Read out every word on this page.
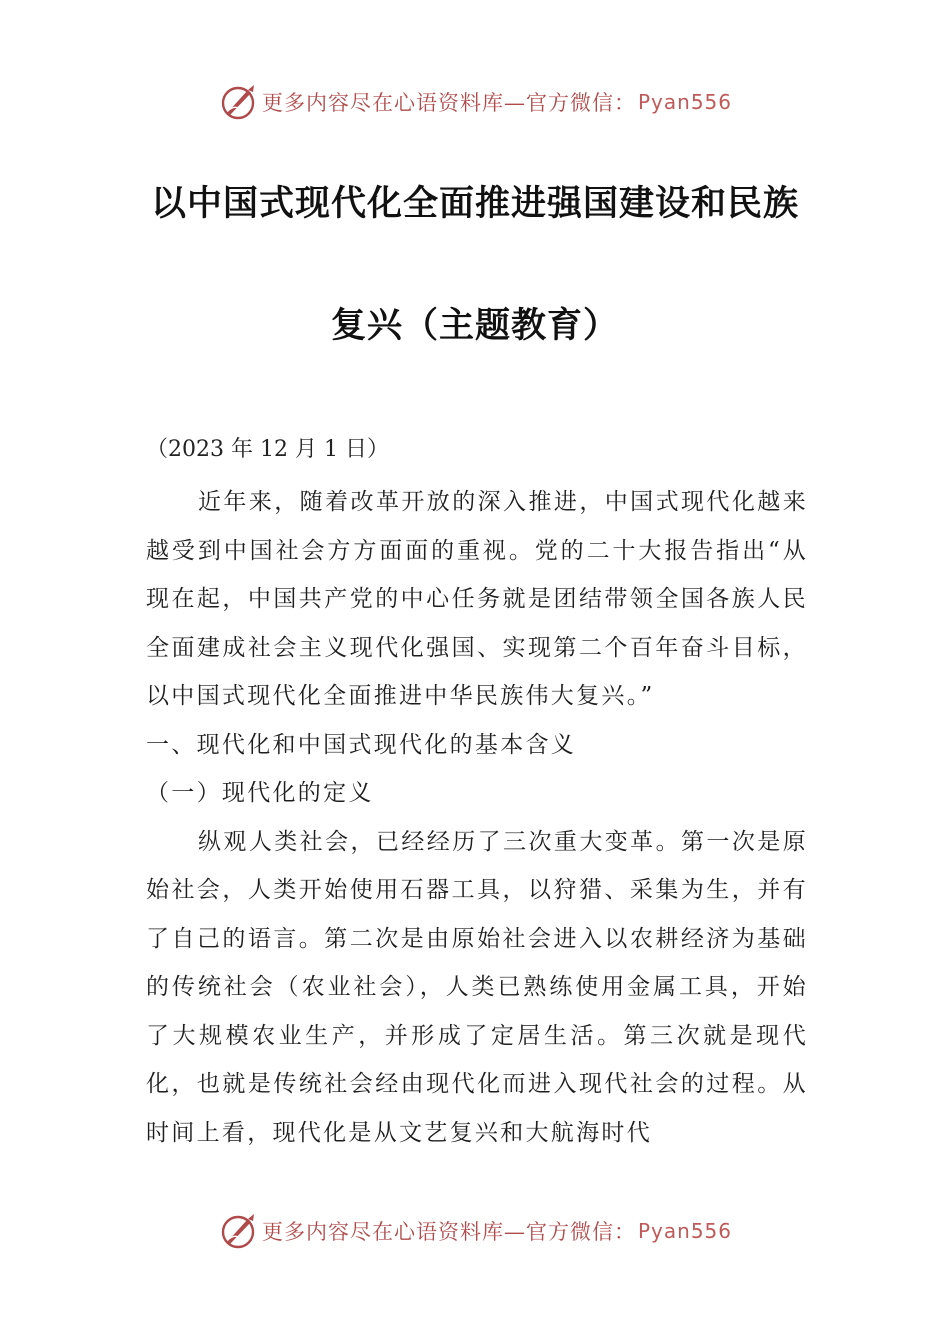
更多内容尽在心语资料库—官方微信： Pyan556
以中国式现代化全面推进强国建设和民族
复兴（主题教育）
（2023 年 12 月 1 日）

近年来，随着改革开放的深入推进，中国式现代化越来越受到中国社会方方面面的重视。党的二十大报告指出“从现在起，中国共产党的中心任务就是团结带领全国各族人民全面建成社会主义现代化强国、实现第二个百年奋斗目标，以中国式现代化全面推进中华民族伟大复兴。”

一、现代化和中国式现代化的基本含义

（一）现代化的定义

纵观人类社会，已经经历了三次重大变革。第一次是原始社会，人类开始使用石器工具，以狩猎、采集为生，并有了自己的语言。第二次是由原始社会进入以农耕经济为基础的传统社会（农业社会），人类已熟练使用金属工具，开始了大规模农业生产，并形成了定居生活。第三次就是现代化，也就是传统社会经由现代化而进入现代社会的过程。从时间上看，现代化是从文艺复兴和大航海时代

更多内容尽在心语资料库—官方微信： Pyan556
